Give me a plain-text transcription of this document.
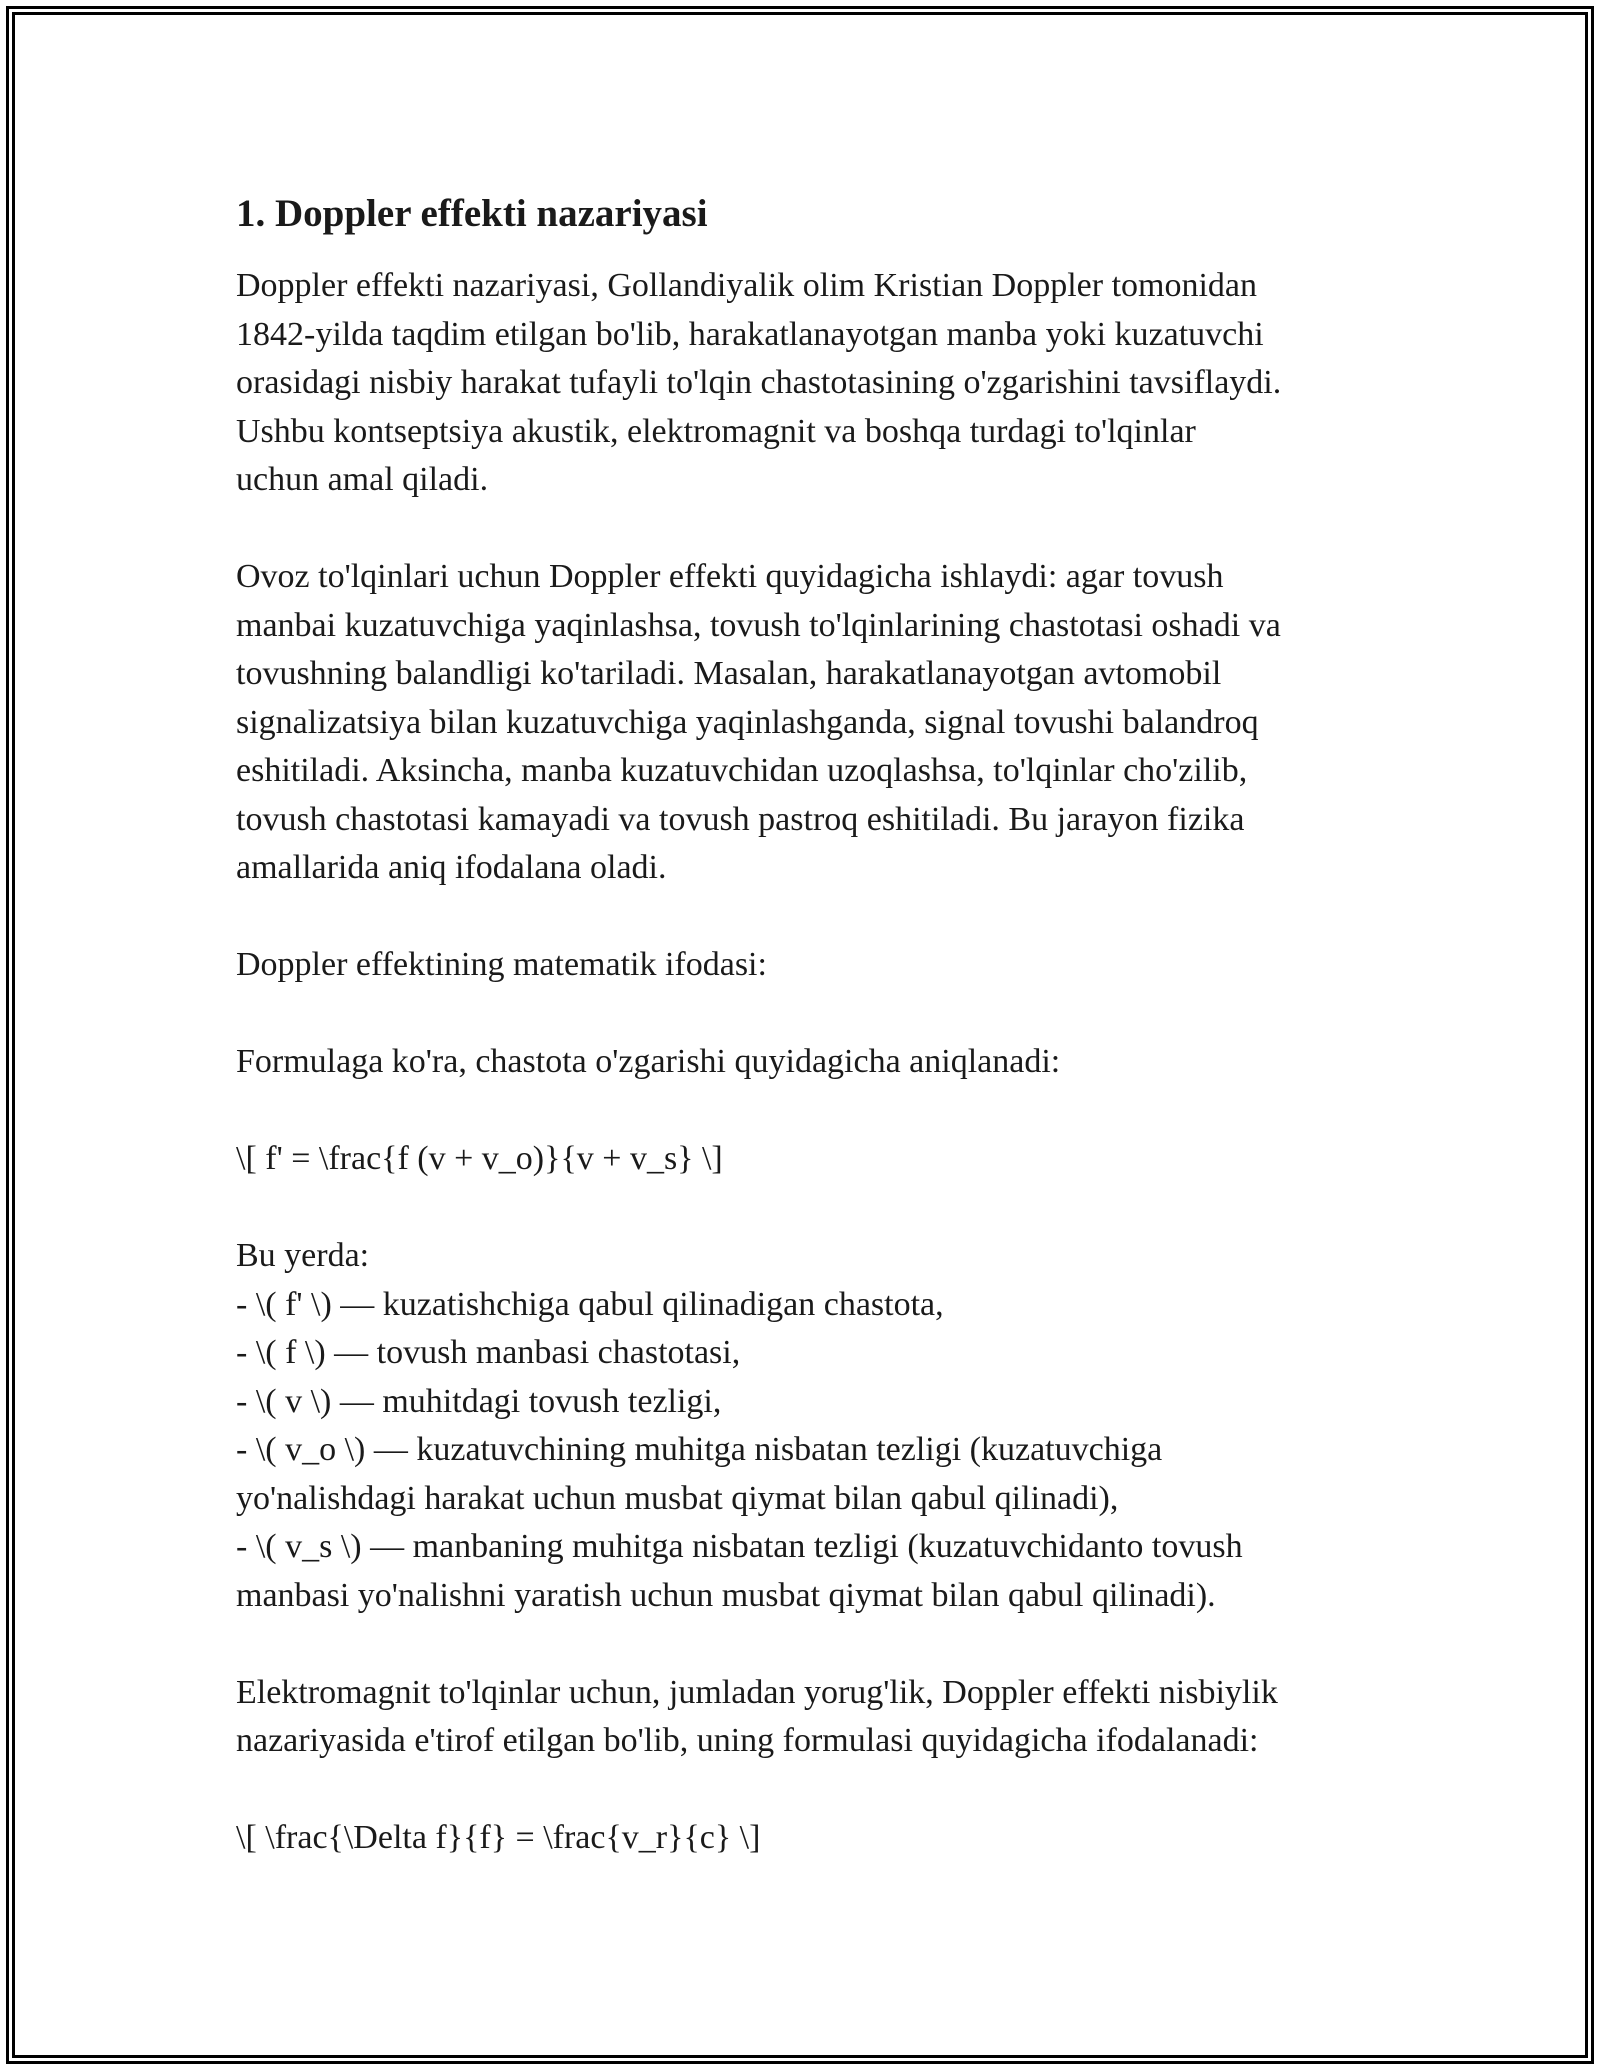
1. Doppler effekti nazariyasi
Doppler effekti nazariyasi, Gollandiyalik olim Kristian Doppler tomonidan
1842-yilda taqdim etilgan bo'lib, harakatlanayotgan manba yoki kuzatuvchi
orasidagi nisbiy harakat tufayli to'lqin chastotasining o'zgarishini tavsiflaydi.
Ushbu kontseptsiya akustik, elektromagnit va boshqa turdagi to'lqinlar
uchun amal qiladi.
Ovoz to'lqinlari uchun Doppler effekti quyidagicha ishlaydi: agar tovush
manbai kuzatuvchiga yaqinlashsa, tovush to'lqinlarining chastotasi oshadi va
tovushning balandligi ko'tariladi. Masalan, harakatlanayotgan avtomobil
signalizatsiya bilan kuzatuvchiga yaqinlashganda, signal tovushi balandroq
eshitiladi. Aksincha, manba kuzatuvchidan uzoqlashsa, to'lqinlar cho'zilib,
tovush chastotasi kamayadi va tovush pastroq eshitiladi. Bu jarayon fizika
amallarida aniq ifodalana oladi.
Doppler effektining matematik ifodasi:
Formulaga ko'ra, chastota o'zgarishi quyidagicha aniqlanadi:
\[ f' = \frac{f (v + v_o)}{v + v_s} \]
Bu yerda:
- \( f' \) — kuzatishchiga qabul qilinadigan chastota,
- \( f \) — tovush manbasi chastotasi,
- \( v \) — muhitdagi tovush tezligi,
- \( v_o \) — kuzatuvchining muhitga nisbatan tezligi (kuzatuvchiga
yo'nalishdagi harakat uchun musbat qiymat bilan qabul qilinadi),
- \( v_s \) — manbaning muhitga nisbatan tezligi (kuzatuvchidanto tovush
manbasi yo'nalishni yaratish uchun musbat qiymat bilan qabul qilinadi).
Elektromagnit to'lqinlar uchun, jumladan yorug'lik, Doppler effekti nisbiylik
nazariyasida e'tirof etilgan bo'lib, uning formulasi quyidagicha ifodalanadi:
\[ \frac{\Delta f}{f} = \frac{v_r}{c} \]
